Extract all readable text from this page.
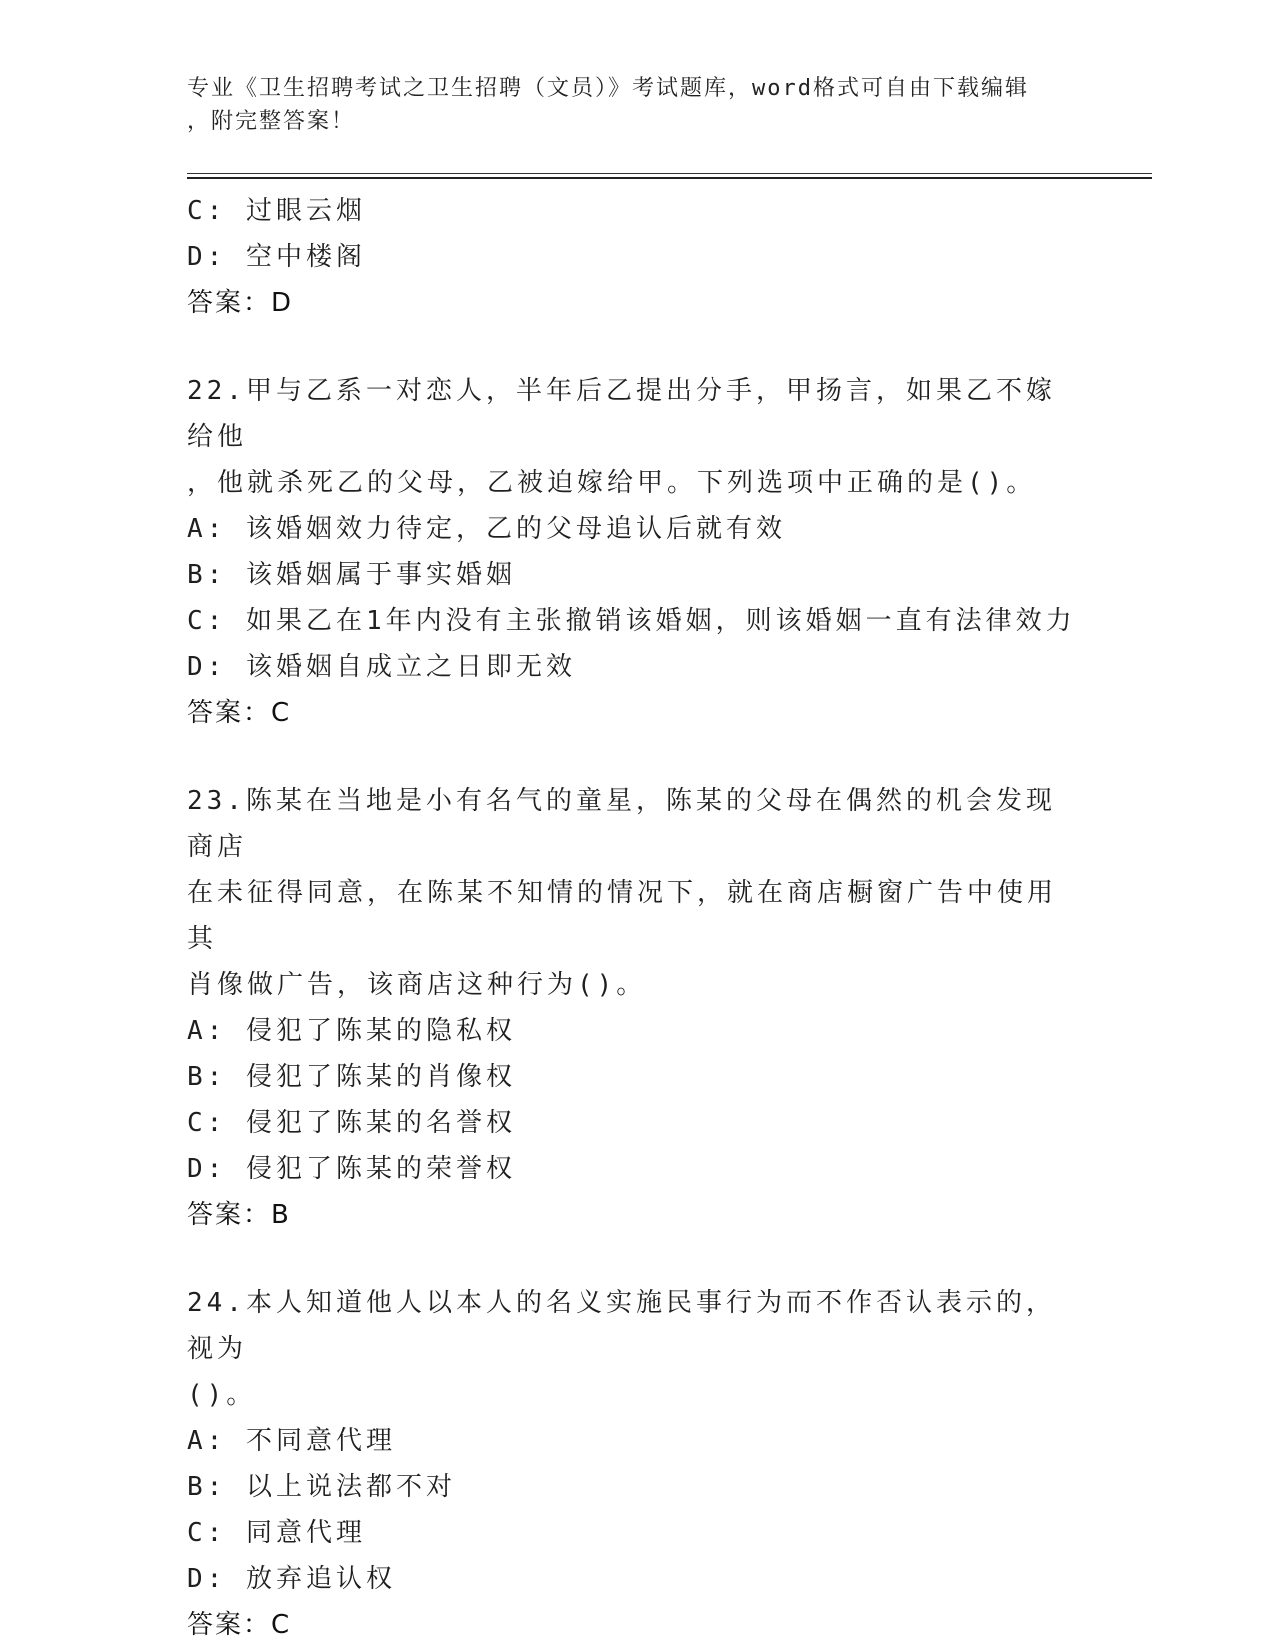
专业《卫生招聘考试之卫生招聘（文员）》考试题库，word格式可自由下载编辑
，附完整答案！
C: 过眼云烟
D: 空中楼阁
答案：D
22.甲与乙系一对恋人，半年后乙提出分手，甲扬言，如果乙不嫁给他
，他就杀死乙的父母，乙被迫嫁给甲。下列选项中正确的是()。
A: 该婚姻效力待定，乙的父母追认后就有效
B: 该婚姻属于事实婚姻
C: 如果乙在1年内没有主张撤销该婚姻，则该婚姻一直有法律效力
D: 该婚姻自成立之日即无效
答案：C
23.陈某在当地是小有名气的童星，陈某的父母在偶然的机会发现商店
在未征得同意，在陈某不知情的情况下，就在商店橱窗广告中使用其
肖像做广告，该商店这种行为()。
A: 侵犯了陈某的隐私权
B: 侵犯了陈某的肖像权
C: 侵犯了陈某的名誉权
D: 侵犯了陈某的荣誉权
答案：B
24.本人知道他人以本人的名义实施民事行为而不作否认表示的，视为
()。
A: 不同意代理
B: 以上说法都不对
C: 同意代理
D: 放弃追认权
答案：C
